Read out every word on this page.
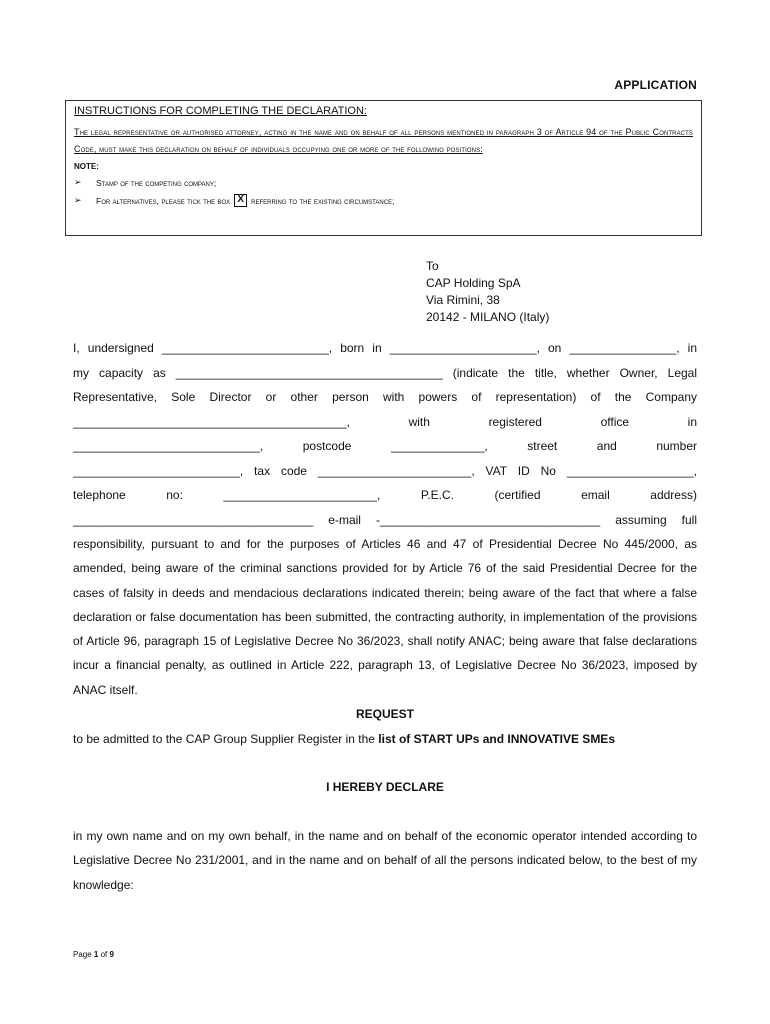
APPLICATION
INSTRUCTIONS FOR COMPLETING THE DECLARATION:

The legal representative or authorised attorney, acting in the name and on behalf of all persons mentioned in paragraph 3 of Article 94 of the Public Contracts Code, must make this declaration on behalf of individuals occupying one or more of the following positions:

NOTE:
➢	Stamp of the competing company;
➢	For alternatives, please tick the box X referring to the existing circumstance;
To
CAP Holding SpA
Via Rimini, 38
20142 - MILANO (Italy)
I, undersigned _________________________, born in ______________________, on ________________, in
my capacity as ________________________________________ (indicate the title, whether Owner, Legal
Representative, Sole Director or other person with powers of representation) of the Company
_________________________________________,	with	registered	office	in
____________________________,	postcode	______________,	street	and	number
_________________________, tax code _______________________, VAT ID No ___________________,
telephone	no:	_______________________,	P.E.C.	(certified	email	address)
____________________________________ e-mail -_________________________________ assuming full

responsibility, pursuant to and for the purposes of Articles 46 and 47 of Presidential Decree No 445/2000, as amended, being aware of the criminal sanctions provided for by Article 76 of the said Presidential Decree for the cases of falsity in deeds and mendacious declarations indicated therein; being aware of the fact that where a false declaration or false documentation has been submitted, the contracting authority, in implementation of the provisions of Article 96, paragraph 15 of Legislative Decree No 36/2023, shall notify ANAC; being aware that false declarations incur a financial penalty, as outlined in Article 222, paragraph 13, of Legislative Decree No 36/2023, imposed by ANAC itself.

REQUEST
to be admitted to the CAP Group Supplier Register in the list of START UPs and INNOVATIVE SMEs
I HEREBY DECLARE

in my own name and on my own behalf, in the name and on behalf of the economic operator intended according to Legislative Decree No 231/2001, and in the name and on behalf of all the persons indicated below, to the best of my knowledge:

Page 1 of 9
